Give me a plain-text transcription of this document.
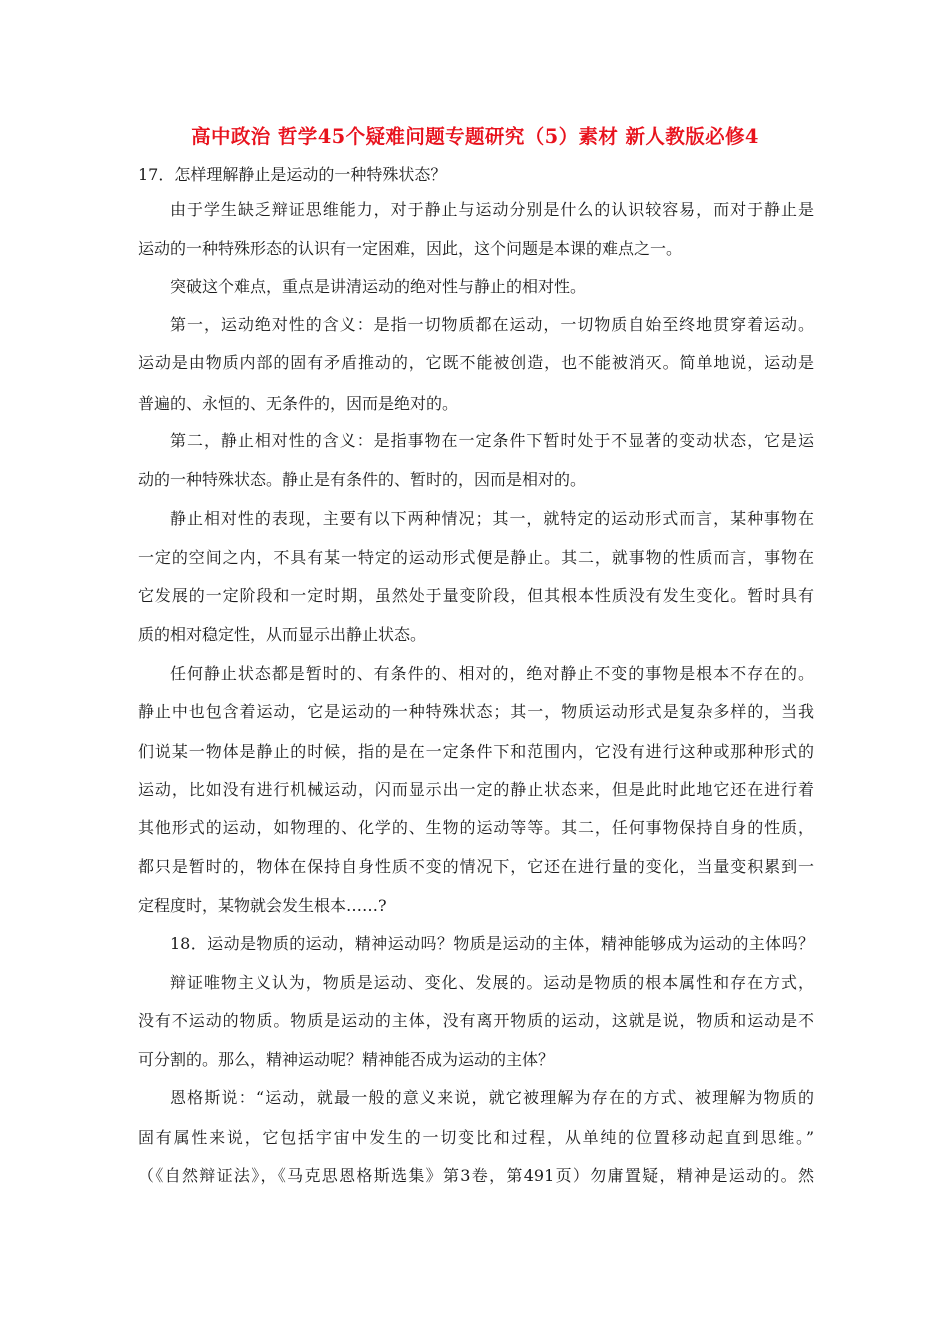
高中政治 哲学45个疑难问题专题研究（5）素材 新人教版必修4
17．怎样理解静止是运动的一种特殊状态？
由于学生缺乏辩证思维能力，对于静止与运动分别是什么的认识较容易，而对于静止是
运动的一种特殊形态的认识有一定困难，因此，这个问题是本课的难点之一。
突破这个难点，重点是讲清运动的绝对性与静止的相对性。
第一，运动绝对性的含义：是指一切物质都在运动，一切物质自始至终地贯穿着运动。
运动是由物质内部的固有矛盾推动的，它既不能被创造，也不能被消灭。简单地说，运动是
普遍的、永恒的、无条件的，因而是绝对的。
第二，静止相对性的含义：是指事物在一定条件下暂时处于不显著的变动状态，它是运
动的一种特殊状态。静止是有条件的、暂时的，因而是相对的。
静止相对性的表现，主要有以下两种情况；其一，就特定的运动形式而言，某种事物在
一定的空间之内，不具有某一特定的运动形式便是静止。其二，就事物的性质而言，事物在
它发展的一定阶段和一定时期，虽然处于量变阶段，但其根本性质没有发生变化。暂时具有
质的相对稳定性，从而显示出静止状态。
任何静止状态都是暂时的、有条件的、相对的，绝对静止不变的事物是根本不存在的。
静止中也包含着运动，它是运动的一种特殊状态；其一，物质运动形式是复杂多样的，当我
们说某一物体是静止的时候，指的是在一定条件下和范围内，它没有进行这种或那种形式的
运动，比如没有进行机械运动，闪而显示出一定的静止状态来，但是此时此地它还在进行着
其他形式的运动，如物理的、化学的、生物的运动等等。其二，任何事物保持自身的性质，
都只是暂时的，物体在保持自身性质不变的情况下，它还在进行量的变化，当量变积累到一
定程度时，某物就会发生根本……?
18．运动是物质的运动，精神运动吗？物质是运动的主体，精神能够成为运动的主体吗？
辩证唯物主义认为，物质是运动、变化、发展的。运动是物质的根本属性和存在方式，
没有不运动的物质。物质是运动的主体，没有离开物质的运动，这就是说，物质和运动是不
可分割的。那么，精神运动呢？精神能否成为运动的主体？
恩格斯说：“运动，就最一般的意义来说，就它被理解为存在的方式、被理解为物质的
固有属性来说，它包括宇宙中发生的一切变比和过程，从单纯的位置移动起直到思维。”
（《自然辩证法》，《马克思恩格斯选集》第3卷，第491页）勿庸置疑，精神是运动的。然
